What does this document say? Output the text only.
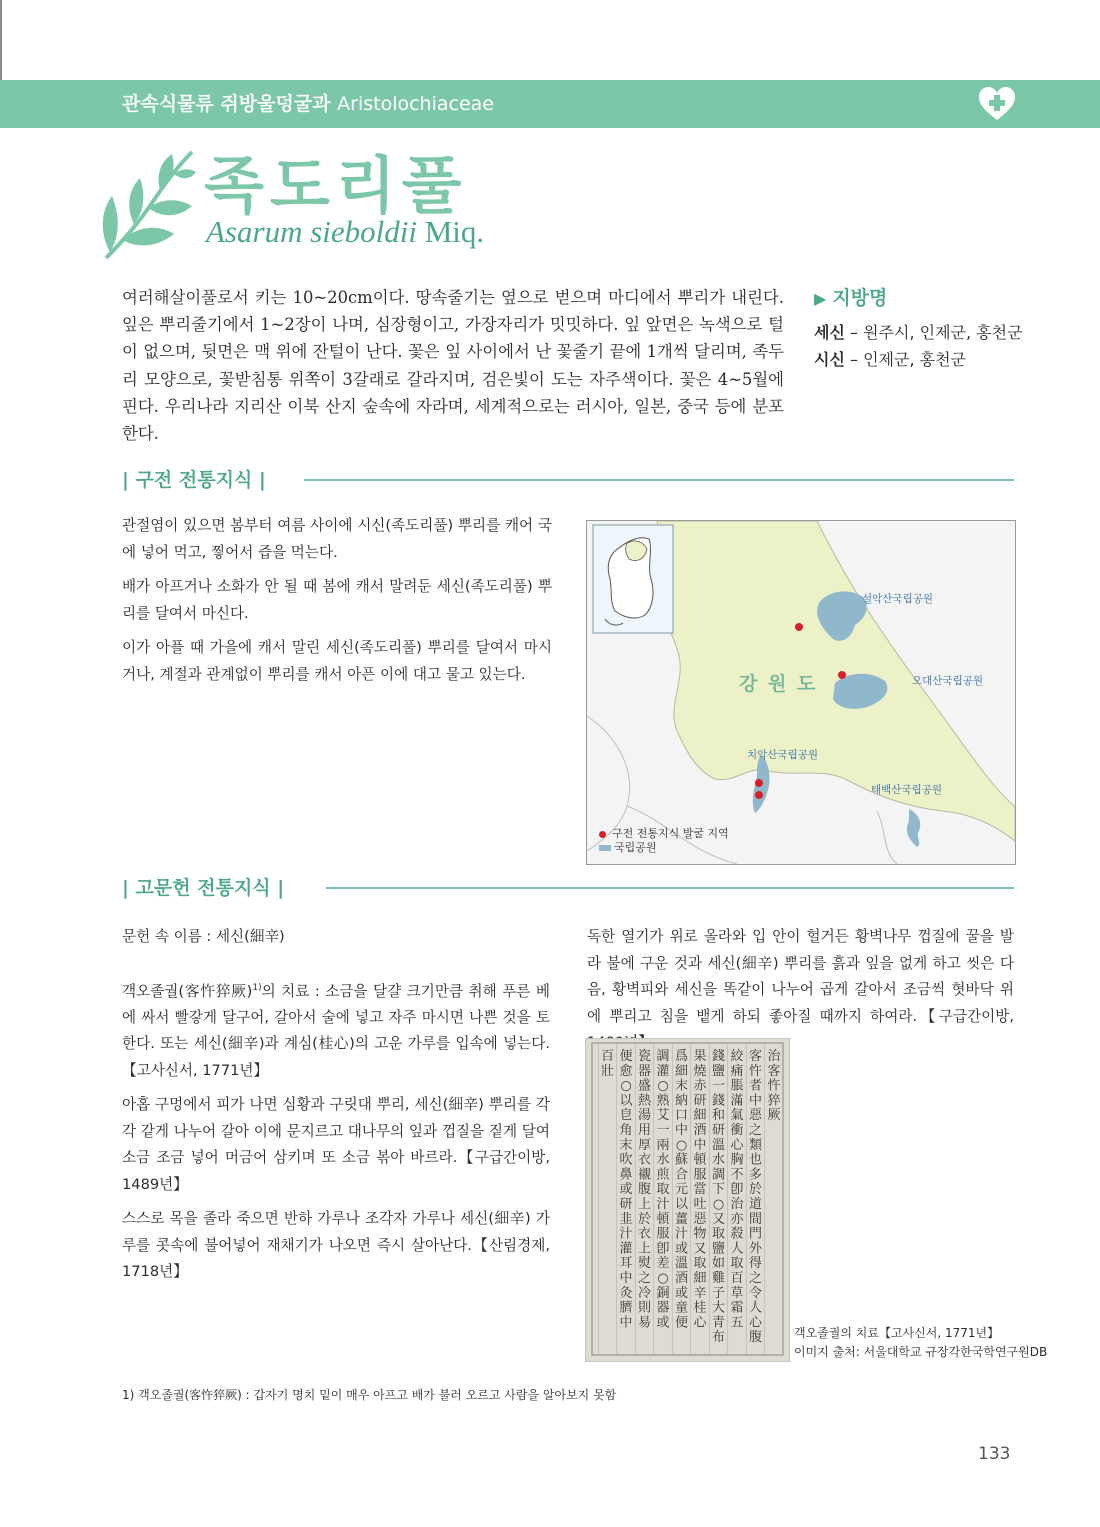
관속식물류 쥐방울덩굴과 Aristolochiaceae
족도리풀
Asarum sieboldii Miq.
여러해살이풀로서 키는 10~20cm이다. 땅속줄기는 옆으로 벋으며 마디에서 뿌리가 내린다. 잎은 뿌리줄기에서 1~2장이 나며, 심장형이고, 가장자리가 밋밋하다. 잎 앞면은 녹색으로 털이 없으며, 뒷면은 맥 위에 잔털이 난다. 꽃은 잎 사이에서 난 꽃줄기 끝에 1개씩 달리며, 족두리 모양으로, 꽃받침통 위쪽이 3갈래로 갈라지며, 검은빛이 도는 자주색이다. 꽃은 4~5월에 핀다. 우리나라 지리산 이북 산지 숲속에 자라며, 세계적으로는 러시아, 일본, 중국 등에 분포한다.
▶ 지방명
세신 – 원주시, 인제군, 홍천군
시신 – 인제군, 홍천군
| 구전 전통지식 |

관절염이 있으면 봄부터 여름 사이에 시신(족도리풀) 뿌리를 캐어 국에 넣어 먹고, 찧어서 즙을 먹는다.

배가 아프거나 소화가 안 될 때 봄에 캐서 말려둔 세신(족도리풀) 뿌리를 달여서 마신다.

이가 아플 때 가을에 캐서 말린 세신(족도리풀) 뿌리를 달여서 마시거나, 계절과 관계없이 뿌리를 캐서 아픈 이에 대고 물고 있는다.

설악산국립공원
오대산국립공원
치악산국립공원
태백산국립공원
강 원 도
구전 전통지식 발굴 지역
국립공원
| 고문헌 전통지식 |

문헌 속 이름 : 세신(細辛)

객오졸궐(客忤猝厥)$^{1)}$의 치료 : 소금을 달걀 크기만큼 취해 푸른 베에 싸서 빨갛게 달구어, 갈아서 술에 넣고 자주 마시면 나쁜 것을 토한다. 또는 세신(細辛)과 계심(桂心)의 고운 가루를 입속에 넣는다.【고사신서, 1771년】

아홉 구멍에서 피가 나면 심황과 구릿대 뿌리, 세신(細辛) 뿌리를 각각 같게 나누어 갈아 이에 문지르고 대나무의 잎과 껍질을 짙게 달여 소금 조금 넣어 머금어 삼키며 또 소금 볶아 바르라.【구급간이방, 1489년】

스스로 목을 졸라 죽으면 반하 가루나 조각자 가루나 세신(細辛) 가루를 콧속에 불어넣어 재채기가 나오면 즉시 살아난다.【산림경제, 1718년】

독한 열기가 위로 올라와 입 안이 헐거든 황벽나무 껍질에 꿀을 발라 불에 구운 것과 세신(細辛) 뿌리를 흙과 잎을 없게 하고 씻은 다음, 황벽피와 세신을 똑같이 나누어 곱게 갈아서 조금씩 혓바닥 위에 뿌리고 침을 뱉게 하되 좋아질 때까지 하여라.【구급간이방,

治
客
忤
猝
厥
客
忤
者
中
惡
之
類
也
多
於
道
間
門
外
得
之
令
人
心
腹
絞
痛
脹
滿
氣
衝
心
胸
不
卽
治
亦
殺
人
取
百
草
霜
五
錢
鹽
一
錢
和
研
溫
水
調
下
○
又
取
鹽
如
雞
子
大
青
布
果
燒
赤
研
細
酒
中
頓
服
當
吐
惡
物
又
取
細
辛
桂
心
爲
細
末
納
口
中
○
蘇
合
元
以
薑
汁
或
溫
酒
或
童
便
調
灌
○
熟
艾
一
兩
水
煎
取
汁
頓
服
卽
差
○
銅
器
或
瓷
器
盛
熱
湯
用
厚
衣
襯
腹
上
於
衣
上
熨
之
冷
則
易
便
愈
○
以
皀
角
末
吹
鼻
或
研
韭
汁
灌
耳
中
灸
臍
中
百
壯
객오졸궐의 치료【고사신서, 1771년】
이미지 출처: 서울대학교 규장각한국학연구원DB
1) 객오졸궐(客忤猝厥) : 갑자기 명치 밑이 매우 아프고 배가 불러 오르고 사람을 알아보지 못함
133
